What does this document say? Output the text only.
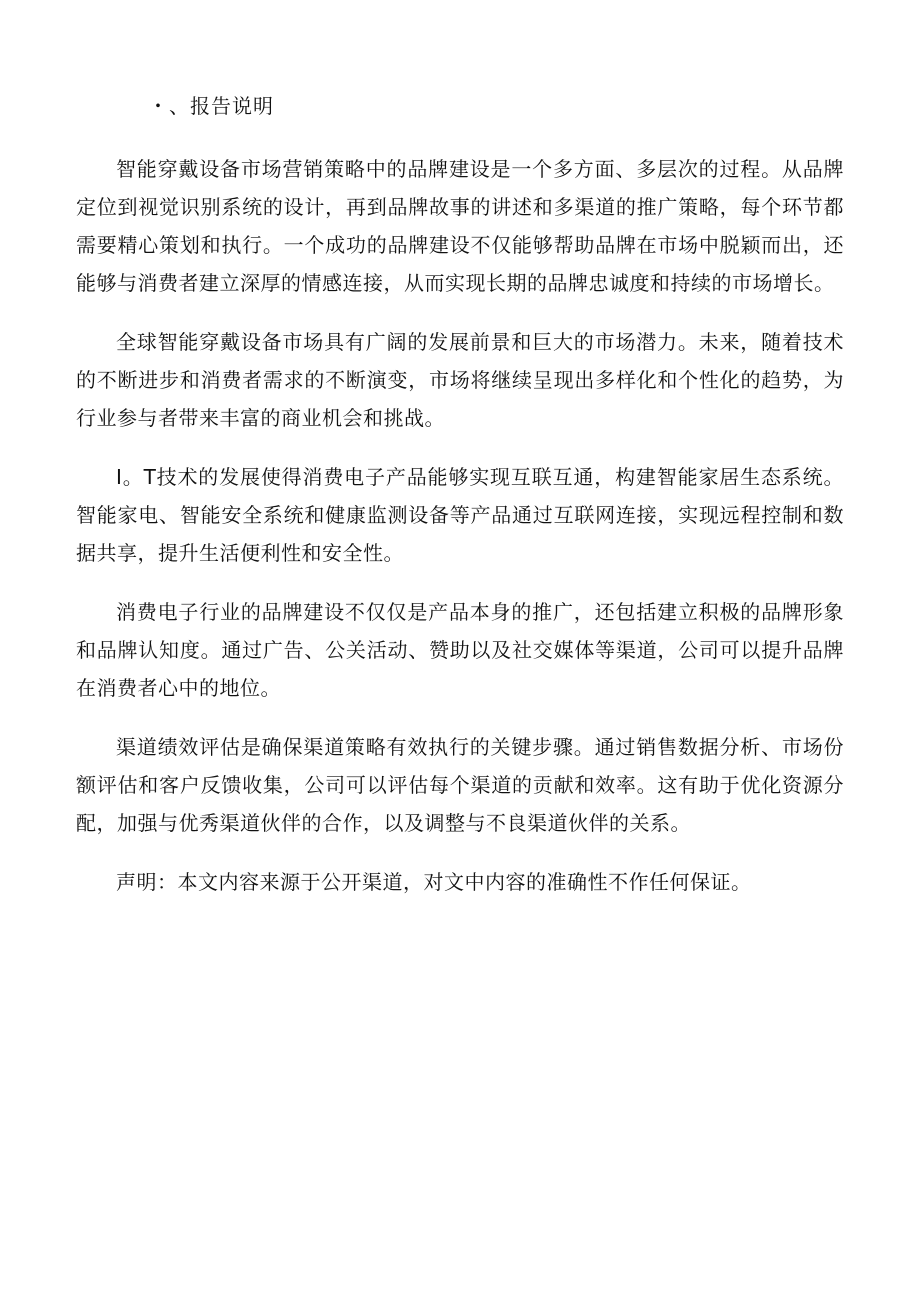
・、报告说明

智能穿戴设备市场营销策略中的品牌建设是一个多方面、多层次的过程。从品牌定位到视觉识别系统的设计，再到品牌故事的讲述和多渠道的推广策略，每个环节都需要精心策划和执行。一个成功的品牌建设不仅能够帮助品牌在市场中脱颖而出，还能够与消费者建立深厚的情感连接，从而实现长期的品牌忠诚度和持续的市场增长。

全球智能穿戴设备市场具有广阔的发展前景和巨大的市场潜力。未来，随着技术的不断进步和消费者需求的不断演变，市场将继续呈现出多样化和个性化的趋势，为行业参与者带来丰富的商业机会和挑战。

I。T技术的发展使得消费电子产品能够实现互联互通，构建智能家居生态系统。智能家电、智能安全系统和健康监测设备等产品通过互联网连接，实现远程控制和数据共享，提升生活便利性和安全性。

消费电子行业的品牌建设不仅仅是产品本身的推广，还包括建立积极的品牌形象和品牌认知度。通过广告、公关活动、赞助以及社交媒体等渠道，公司可以提升品牌在消费者心中的地位。

渠道绩效评估是确保渠道策略有效执行的关键步骤。通过销售数据分析、市场份额评估和客户反馈收集，公司可以评估每个渠道的贡献和效率。这有助于优化资源分配，加强与优秀渠道伙伴的合作，以及调整与不良渠道伙伴的关系。

声明：本文内容来源于公开渠道，对文中内容的准确性不作任何保证。
